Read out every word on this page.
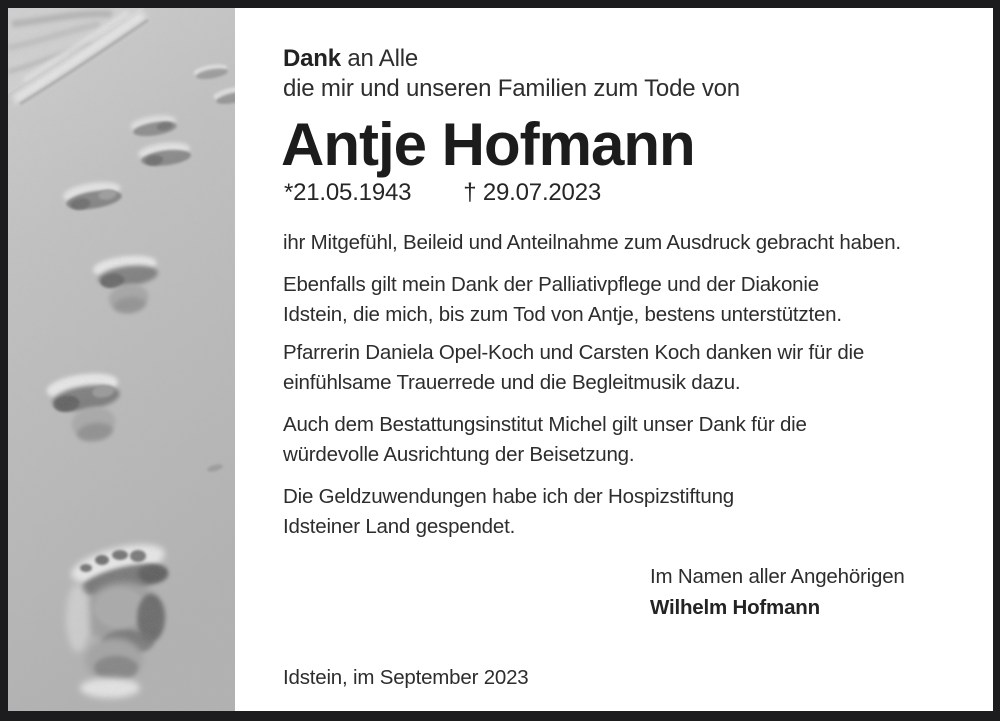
Dank an Alle
die mir und unseren Familien zum Tode von
Antje Hofmann
*21.05.1943 † 29.07.2023
ihr Mitgefühl, Beileid und Anteilnahme zum Ausdruck gebracht haben.
Ebenfalls gilt mein Dank der Palliativpflege und der Diakonie
Idstein, die mich, bis zum Tod von Antje, bestens unterstützten.
Pfarrerin Daniela Opel-Koch und Carsten Koch danken wir für die
einfühlsame Trauerrede und die Begleitmusik dazu.
Auch dem Bestattungsinstitut Michel gilt unser Dank für die
würdevolle Ausrichtung der Beisetzung.
Die Geldzuwendungen habe ich der Hospizstiftung
Idsteiner Land gespendet.
Im Namen aller Angehörigen
Wilhelm Hofmann
Idstein, im September 2023
